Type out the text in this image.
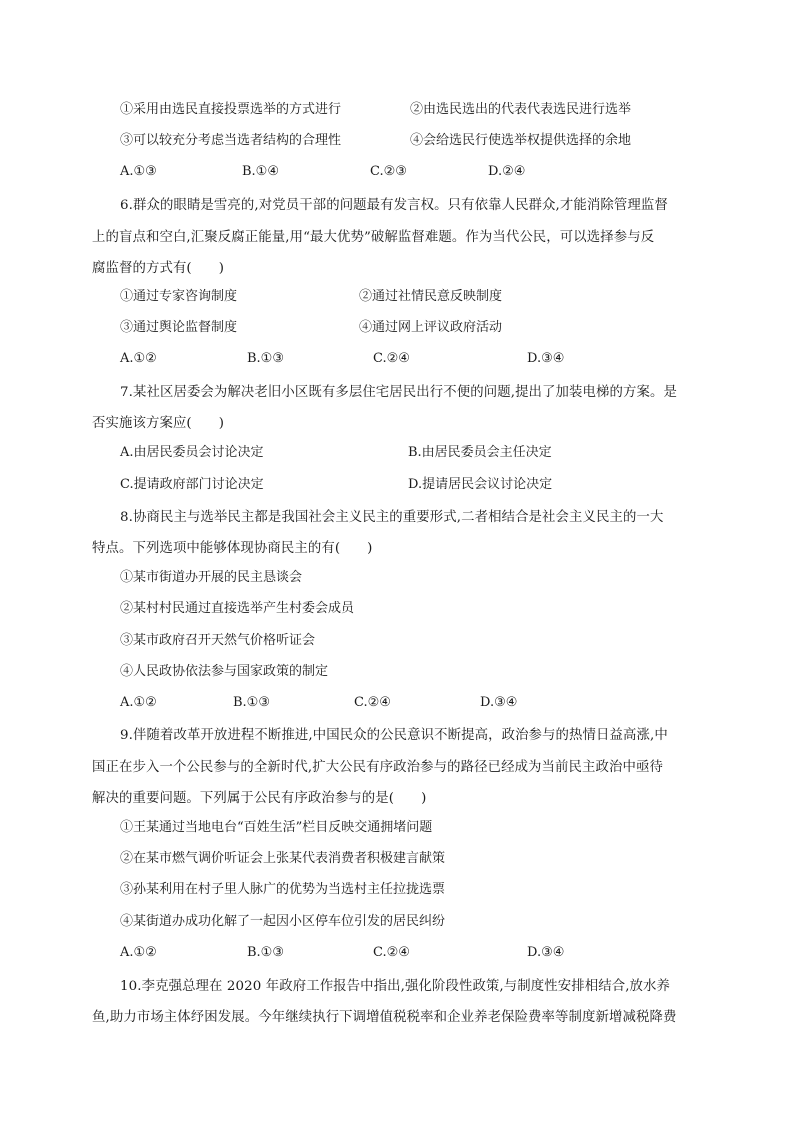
①采用由选民直接投票选举的方式进行	②由选民选出的代表代表选民进行选举
③可以较充分考虑当选者结构的合理性	④会给选民行使选举权提供选择的余地
A.①③	B.①④	C.②③	D.②④
6.群众的眼睛是雪亮的,对党员干部的问题最有发言权。只有依靠人民群众,才能消除管理监督
上的盲点和空白,汇聚反腐正能量,用“最大优势”破解监督难题。作为当代公民，可以选择参与反
腐监督的方式有(　　)
①通过专家咨询制度	②通过社情民意反映制度
③通过舆论监督制度	④通过网上评议政府活动
A.①②	B.①③	C.②④	D.③④
7.某社区居委会为解决老旧小区既有多层住宅居民出行不便的问题,提出了加装电梯的方案。是
否实施该方案应(　　)
A.由居民委员会讨论决定	B.由居民委员会主任决定
C.提请政府部门讨论决定	D.提请居民会议讨论决定
8.协商民主与选举民主都是我国社会主义民主的重要形式,二者相结合是社会主义民主的一大
特点。下列选项中能够体现协商民主的有(　　)
①某市街道办开展的民主恳谈会
②某村村民通过直接选举产生村委会成员
③某市政府召开天然气价格听证会
④人民政协依法参与国家政策的制定
A.①②	B.①③	C.②④	D.③④
9.伴随着改革开放进程不断推进,中国民众的公民意识不断提高，政治参与的热情日益高涨,中
国正在步入一个公民参与的全新时代,扩大公民有序政治参与的路径已经成为当前民主政治中亟待
解决的重要问题。下列属于公民有序政治参与的是(　　)
①王某通过当地电台“百姓生活”栏目反映交通拥堵问题
②在某市燃气调价听证会上张某代表消费者积极建言献策
③孙某利用在村子里人脉广的优势为当选村主任拉拢选票
④某街道办成功化解了一起因小区停车位引发的居民纠纷
A.①②	B.①③	C.②④	D.③④
10.李克强总理在 2020 年政府工作报告中指出,强化阶段性政策,与制度性安排相结合,放水养
鱼,助力市场主体纾困发展。今年继续执行下调增值税税率和企业养老保险费率等制度新增减税降费
